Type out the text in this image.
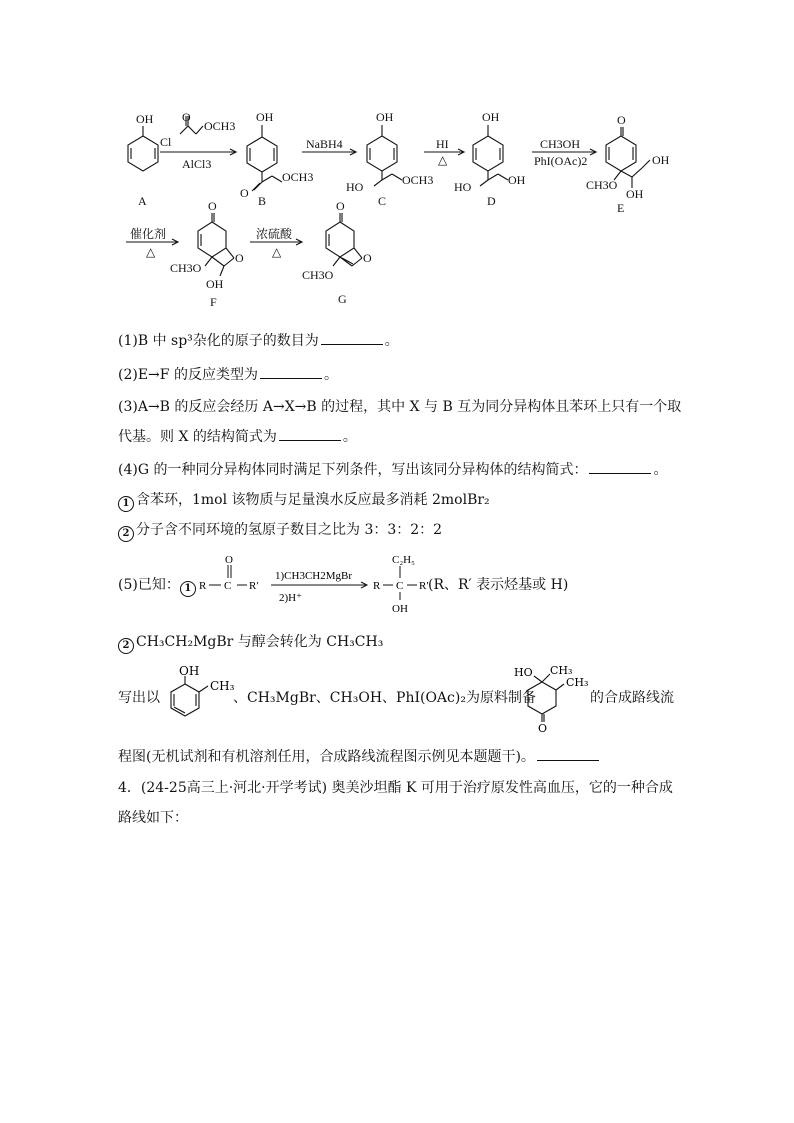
OH
A
Cl
OCH3
O
AlCl3
OH
O
OCH3
B
NaBH4
OH
HO	OCH3
C
HI
△
OH
HO	OH
D
CH3OH
PhI(OAc)2
O
OH
CH3O
OH
E
催化剂
△
O
O
CH3O
OH
F
浓硫酸
△
O
O
CH3O
G
(1)B 中 sp³杂化的原子的数目为	。
(2)E→F 的反应类型为	。
(3)A→B 的反应会经历 A→X→B 的过程，其中 X 与 B 互为同分异构体且苯环上只有一个取
代基。则 X 的结构简式为	。
(4)G 的一种同分异构体同时满足下列条件，写出该同分异构体的结构简式：	。
1 含苯环，1mol 该物质与足量溴水反应最多消耗 2molBr₂
2 分子含不同环境的氢原子数目之比为 3：3：2：2
(5)已知： 1 R C
O
R′
1)CH3CH2MgBr
2)H⁺
R C
C₂H₅
R′
OH
(R、R′ 表示烃基或 H)
2 CH₃CH₂MgBr 与醇会转化为 CH₃CH₃
写出以
OH
CH₃
、CH₃MgBr、CH₃OH、PhI(OAc)₂为原料制备
HO CH₃
CH₃
O
的合成路线流
程图(无机试剂和有机溶剂任用，合成路线流程图示例见本题题干)。
4．(24-25高三上·河北·开学考试) 奥美沙坦酯 K 可用于治疗原发性高血压，它的一种合成
路线如下：
